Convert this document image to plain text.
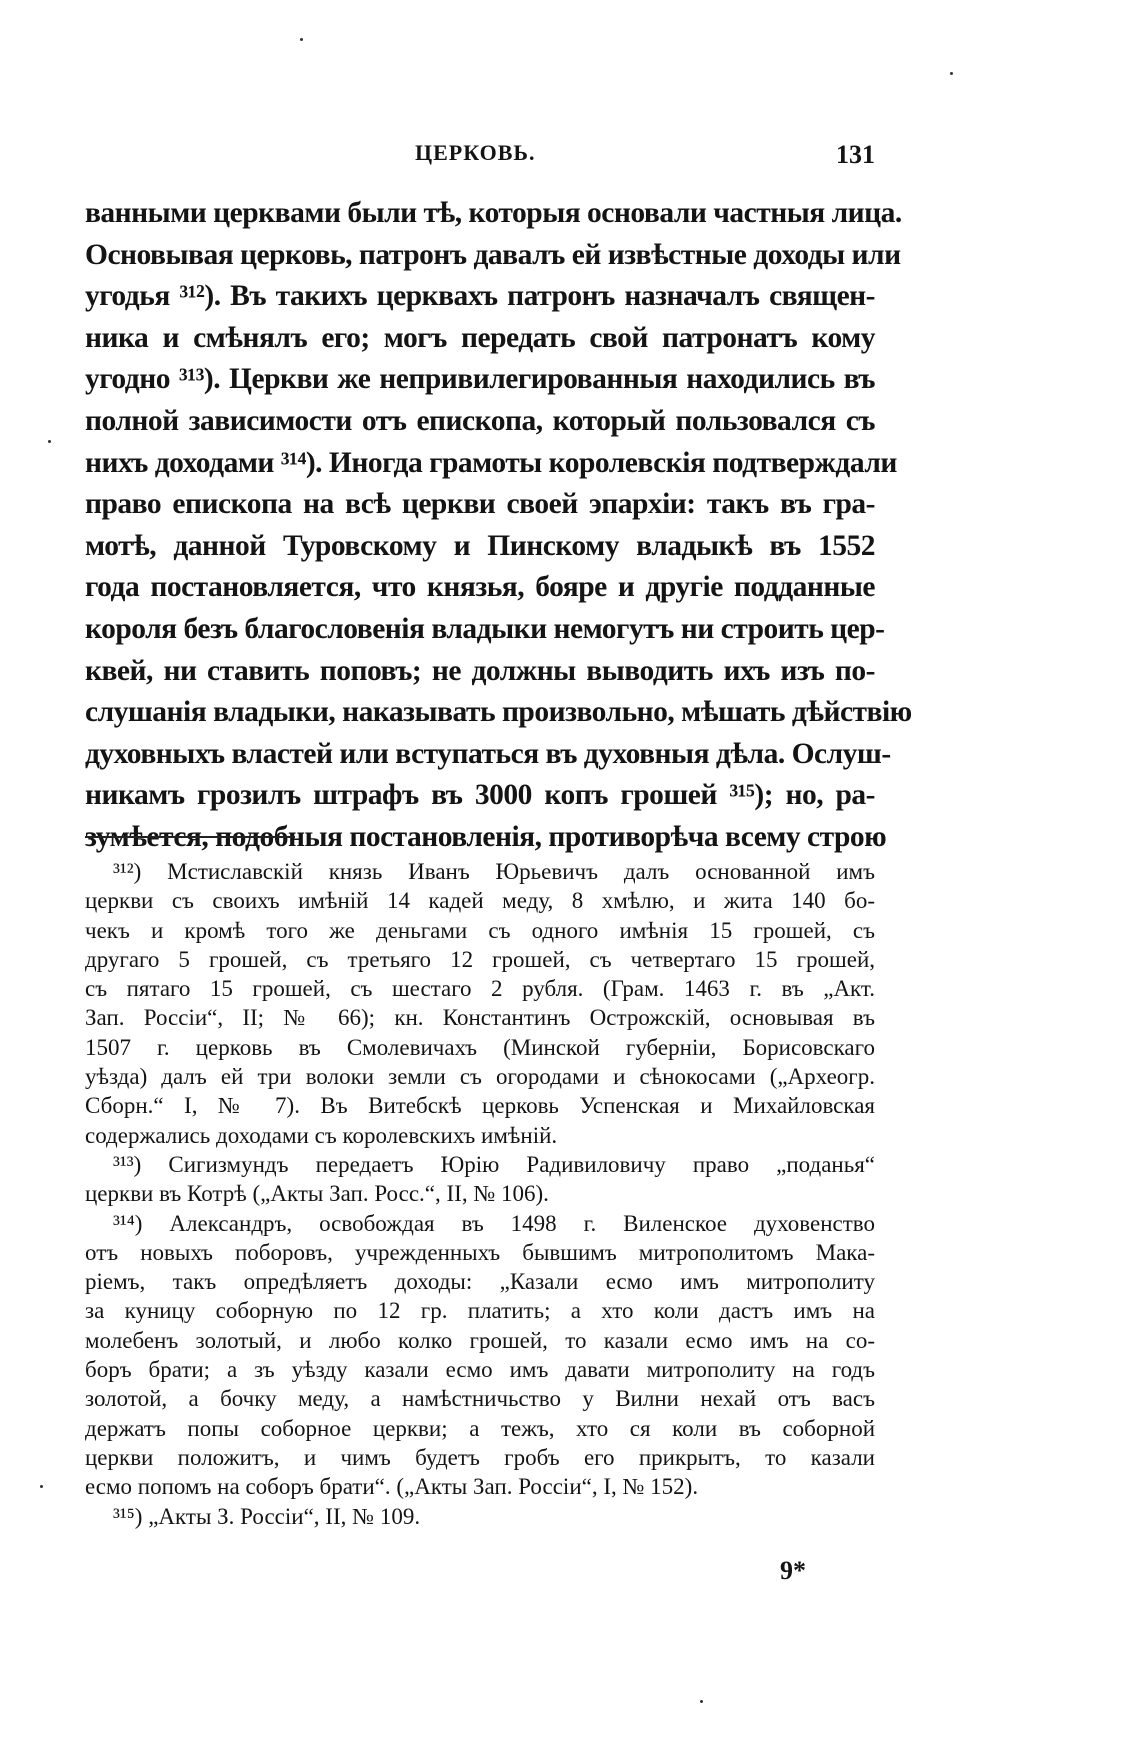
ЦЕРКОВЬ.	131
ванными церквами были тѣ, которыя основали частныя лица.
Основывая церковь, патронъ давалъ ей извѣстные доходы или
угодья ³¹²). Въ такихъ церквахъ патронъ назначалъ священ-
ника и смѣнялъ его; могъ передать свой патронатъ кому
угодно ³¹³). Церкви же непривилегированныя находились въ
полной зависимости отъ епископа, который пользовался съ
нихъ доходами ³¹⁴). Иногда грамоты королевскія подтверждали
право епископа на всѣ церкви своей эпархіи: такъ въ гра-
мотѣ, данной Туровскому и Пинскому владыкѣ въ 1552
года постановляется, что князья, бояре и другіе подданные
короля безъ благословенія владыки немогутъ ни строить цер-
квей, ни ставить поповъ; не должны выводить ихъ изъ по-
слушанія владыки, наказывать произвольно, мѣшать дѣйствію
духовныхъ властей или вступаться въ духовныя дѣла. Ослуш-
никамъ грозилъ штрафъ въ 3000 копъ грошей ³¹⁵); но, ра-
зумѣется, подобныя постановленія, противорѣча всему строю
³¹²) Мстиславскій князь Иванъ Юрьевичъ далъ основанной имъ
церкви съ своихъ имѣній 14 кадей меду, 8 хмѣлю, и жита 140 бо-
чекъ и кромѣ того же деньгами съ одного имѣнія 15 грошей, съ
другаго 5 грошей, съ третьяго 12 грошей, съ четвертаго 15 грошей,
съ пятаго 15 грошей, съ шестаго 2 рубля. (Грам. 1463 г. въ „Акт.
Зап. Россіи“, II; № 66); кн. Константинъ Острожскій, основывая въ
1507 г. церковь въ Смолевичахъ (Минской губерніи, Борисовскаго
уѣзда) далъ ей три волоки земли съ огородами и сѣнокосами („Археогр.
Сборн.“ I, № 7). Въ Витебскѣ церковь Успенская и Михайловская
содержались доходами съ королевскихъ имѣній.
³¹³) Сигизмундъ передаетъ Юрію Радивиловичу право „поданья“
церкви въ Котрѣ („Акты Зап. Росс.“, II, № 106).
³¹⁴) Александръ, освобождая въ 1498 г. Виленское духовенство
отъ новыхъ поборовъ, учрежденныхъ бывшимъ митрополитомъ Мака-
ріемъ, такъ опредѣляетъ доходы: „Казали есмо имъ митрополиту
за куницу соборную по 12 гр. платить; а хто коли дастъ имъ на
молебенъ золотый, и любо колко грошей, то казали есмо имъ на со-
боръ брати; а зъ уѣзду казали есмо имъ давати митрополиту на годъ
золотой, а бочку меду, а намѣстничьство у Вилни нехай отъ васъ
держатъ попы соборное церкви; а тежъ, хто ся коли въ соборной
церкви положитъ, и чимъ будетъ гробъ его прикрытъ, то казали
есмо попомъ на соборъ брати“. („Акты Зап. Россіи“, I, № 152).
³¹⁵) „Акты З. Россіи“, II, № 109.
9*
